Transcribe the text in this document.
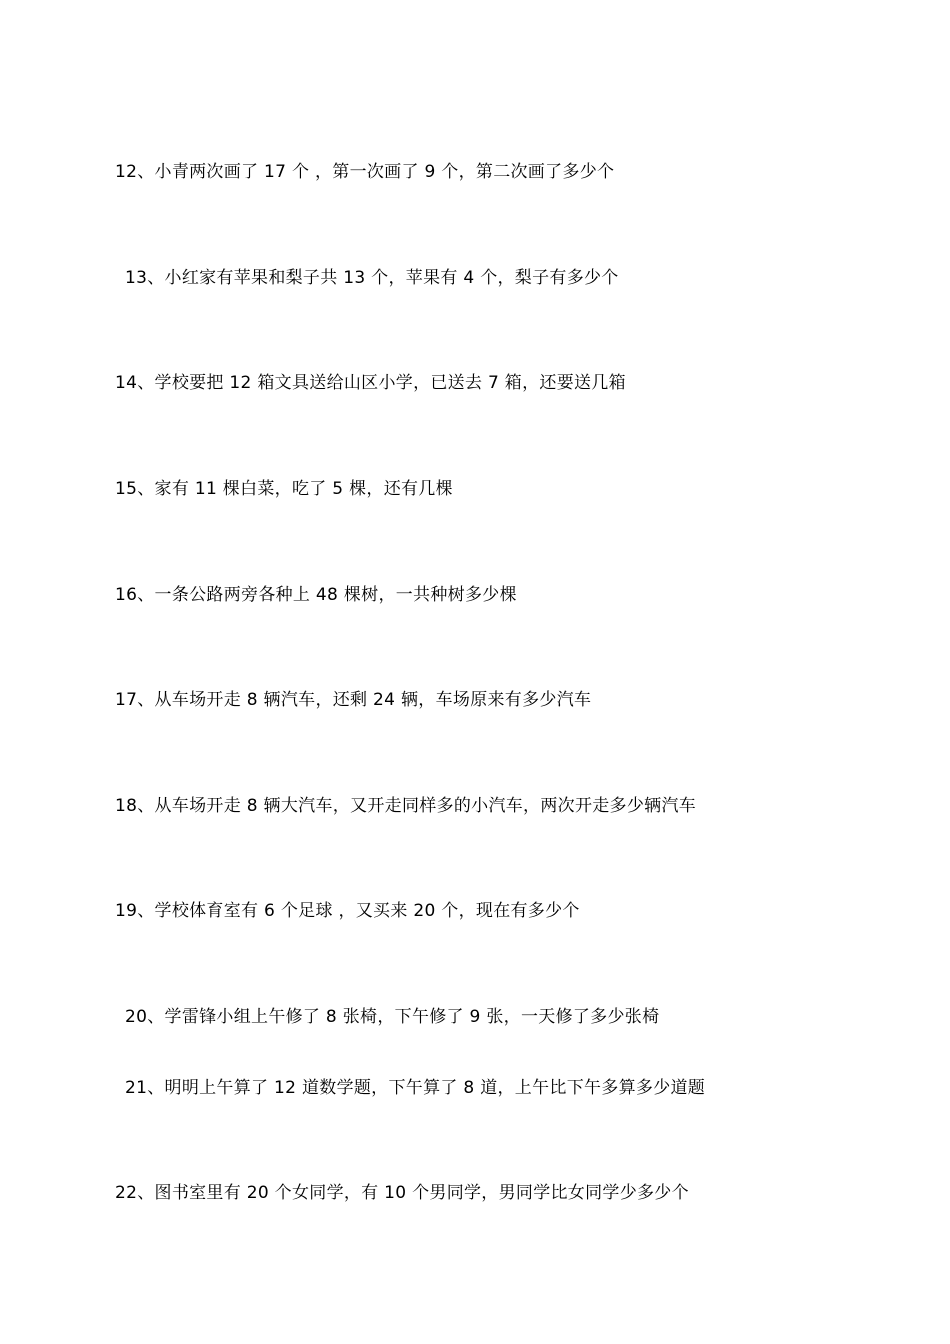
12、小青两次画了 17 个 ，第一次画了 9 个，第二次画了多少个
13、小红家有苹果和梨子共 13 个，苹果有 4 个，梨子有多少个
14、学校要把 12 箱文具送给山区小学，已送去 7 箱，还要送几箱
15、家有 11 棵白菜，吃了 5 棵，还有几棵
16、一条公路两旁各种上 48 棵树，一共种树多少棵
17、从车场开走 8 辆汽车，还剩 24 辆，车场原来有多少汽车
18、从车场开走 8 辆大汽车，又开走同样多的小汽车，两次开走多少辆汽车
19、学校体育室有 6 个足球 ，又买来 20 个，现在有多少个
20、学雷锋小组上午修了 8 张椅，下午修了 9 张，一天修了多少张椅
21、明明上午算了 12 道数学题，下午算了 8 道，上午比下午多算多少道题
22、图书室里有 20 个女同学，有 10 个男同学，男同学比女同学少多少个
